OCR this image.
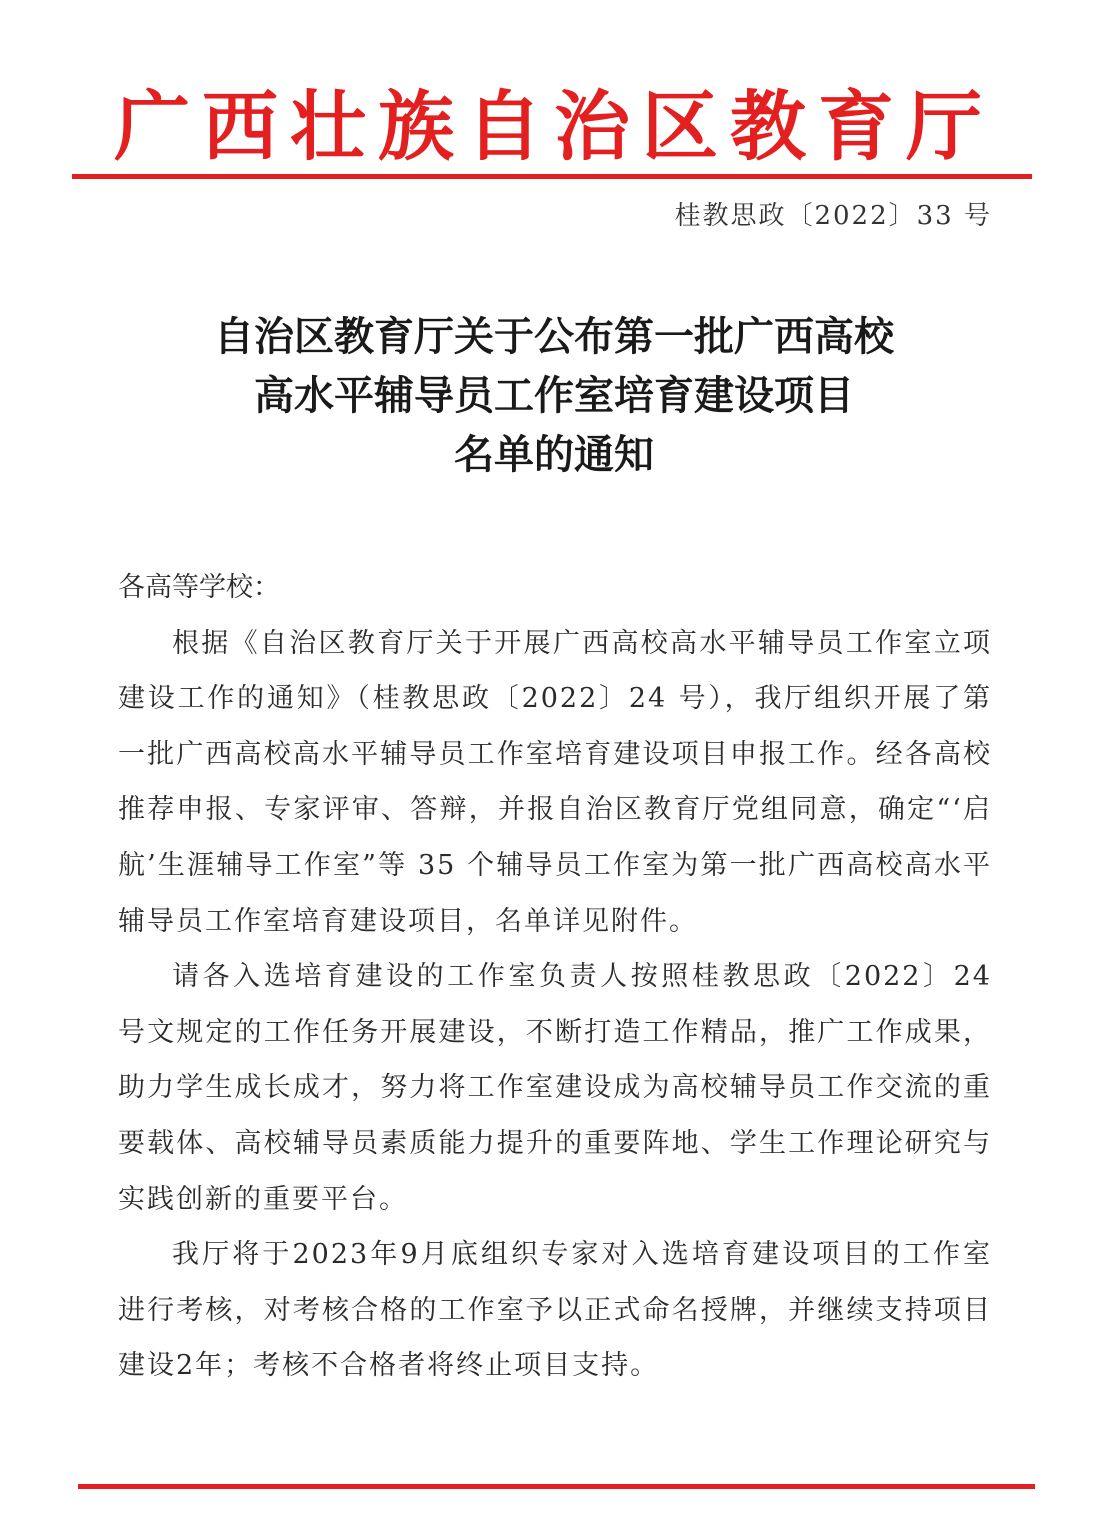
广西壮族自治区教育厅
桂教思政〔2022〕33 号
自治区教育厅关于公布第一批广西高校
高水平辅导员工作室培育建设项目
名单的通知

各高等学校：

根据《自治区教育厅关于开展广西高校高水平辅导员工作室立项建设工作的通知》（桂教思政〔2022〕24 号），我厅组织开展了第一批广西高校高水平辅导员工作室培育建设项目申报工作。经各高校推荐申报、专家评审、答辩，并报自治区教育厅党组同意，确定“‘启航’生涯辅导工作室”等 35 个辅导员工作室为第一批广西高校高水平辅导员工作室培育建设项目，名单详见附件。

请各入选培育建设的工作室负责人按照桂教思政〔2022〕24 号文规定的工作任务开展建设，不断打造工作精品，推广工作成果，助力学生成长成才，努力将工作室建设成为高校辅导员工作交流的重要载体、高校辅导员素质能力提升的重要阵地、学生工作理论研究与实践创新的重要平台。

我厅将于2023年9月底组织专家对入选培育建设项目的工作室进行考核，对考核合格的工作室予以正式命名授牌，并继续支持项目建设2年；考核不合格者将终止项目支持。
